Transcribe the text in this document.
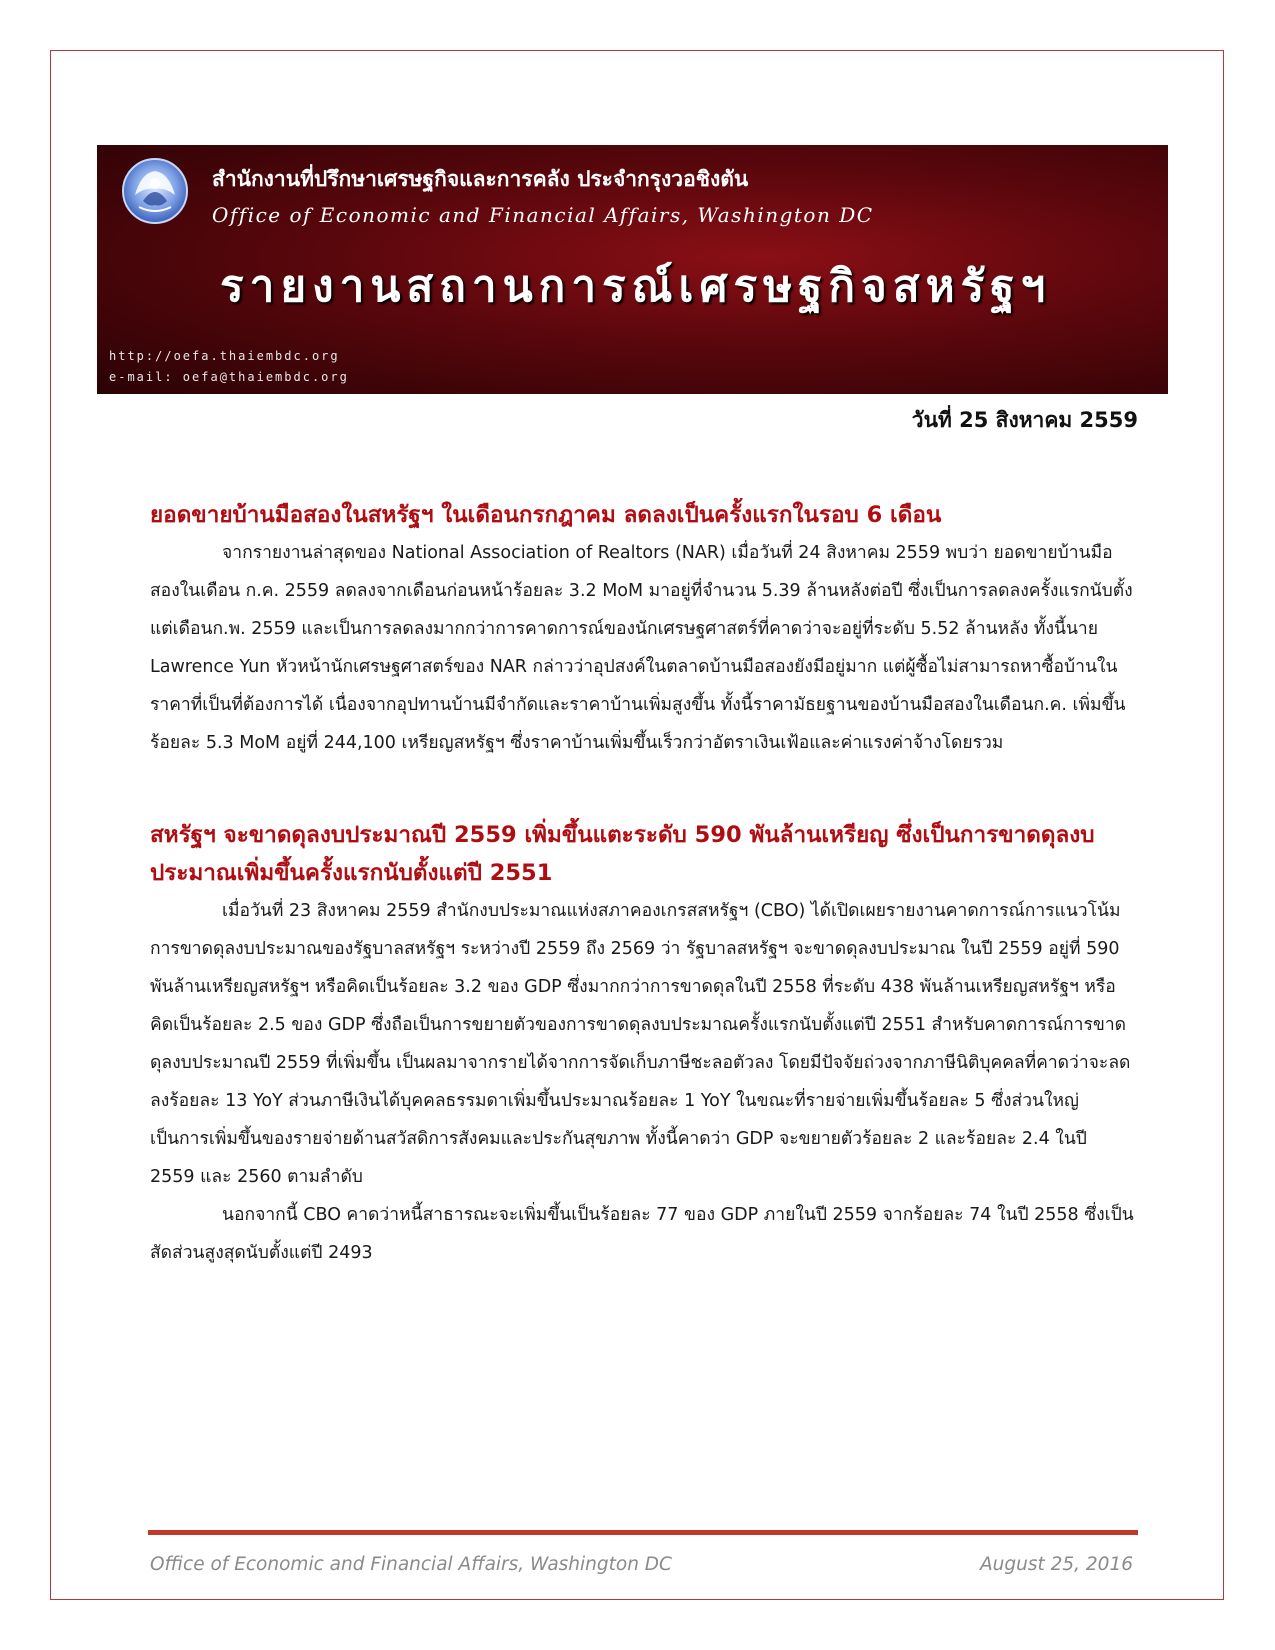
สำนักงานที่ปรึกษาเศรษฐกิจและการคลัง ประจำกรุงวอชิงตัน
Office of Economic and Financial Affairs, Washington DC
รายงานสถานการณ์เศรษฐกิจสหรัฐฯ
http://oefa.thaiembdc.org
e-mail: oefa@thaiembdc.org
วันที่ 25 สิงหาคม 2559
ยอดขายบ้านมือสองในสหรัฐฯ ในเดือนกรกฎาคม ลดลงเป็นครั้งแรกในรอบ 6 เดือน

จากรายงานล่าสุดของ National Association of Realtors (NAR) เมื่อวันที่ 24 สิงหาคม 2559 พบว่า ยอดขายบ้านมือสองในเดือน ก.ค. 2559 ลดลงจากเดือนก่อนหน้าร้อยละ 3.2 MoM มาอยู่ที่จำนวน 5.39 ล้านหลังต่อปี ซึ่งเป็นการลดลงครั้งแรกนับตั้งแต่เดือนก.พ. 2559 และเป็นการลดลงมากกว่าการคาดการณ์ของนักเศรษฐศาสตร์ที่คาดว่าจะอยู่ที่ระดับ 5.52 ล้านหลัง ทั้งนี้นาย Lawrence Yun หัวหน้านักเศรษฐศาสตร์ของ NAR กล่าวว่าอุปสงค์ในตลาดบ้านมือสองยังมีอยู่มาก แต่ผู้ซื้อไม่สามารถหาซื้อบ้านในราคาที่เป็นที่ต้องการได้ เนื่องจากอุปทานบ้านมีจำกัดและราคาบ้านเพิ่มสูงขึ้น ทั้งนี้ราคามัธยฐานของบ้านมือสองในเดือนก.ค. เพิ่มขึ้นร้อยละ 5.3 MoM อยู่ที่ 244,100 เหรียญสหรัฐฯ ซึ่งราคาบ้านเพิ่มขึ้นเร็วกว่าอัตราเงินเฟ้อและค่าแรงค่าจ้างโดยรวม

สหรัฐฯ จะขาดดุลงบประมาณปี 2559 เพิ่มขึ้นแตะระดับ 590 พันล้านเหรียญ ซึ่งเป็นการขาดดุลงบประมาณเพิ่มขึ้นครั้งแรกนับตั้งแต่ปี 2551

เมื่อวันที่ 23 สิงหาคม 2559 สำนักงบประมาณแห่งสภาคองเกรสสหรัฐฯ (CBO) ได้เปิดเผยรายงานคาดการณ์การแนวโน้มการขาดดุลงบประมาณของรัฐบาลสหรัฐฯ ระหว่างปี 2559 ถึง 2569 ว่า รัฐบาลสหรัฐฯ จะขาดดุลงบประมาณ ในปี 2559 อยู่ที่ 590 พันล้านเหรียญสหรัฐฯ หรือคิดเป็นร้อยละ 3.2 ของ GDP ซึ่งมากกว่าการขาดดุลในปี 2558 ที่ระดับ 438 พันล้านเหรียญสหรัฐฯ หรือคิดเป็นร้อยละ 2.5 ของ GDP ซึ่งถือเป็นการขยายตัวของการขาดดุลงบประมาณครั้งแรกนับตั้งแต่ปี 2551 สำหรับคาดการณ์การขาดดุลงบประมาณปี 2559 ที่เพิ่มขึ้น เป็นผลมาจากรายได้จากการจัดเก็บภาษีชะลอตัวลง โดยมีปัจจัยถ่วงจากภาษีนิติบุคคลที่คาดว่าจะลดลงร้อยละ 13 YoY ส่วนภาษีเงินได้บุคคลธรรมดาเพิ่มขึ้นประมาณร้อยละ 1 YoY ในขณะที่รายจ่ายเพิ่มขึ้นร้อยละ 5 ซึ่งส่วนใหญ่เป็นการเพิ่มขึ้นของรายจ่ายด้านสวัสดิการสังคมและประกันสุขภาพ ทั้งนี้คาดว่า GDP จะขยายตัวร้อยละ 2 และร้อยละ 2.4 ในปี 2559 และ 2560 ตามลำดับ

นอกจากนี้ CBO คาดว่าหนี้สาธารณะจะเพิ่มขึ้นเป็นร้อยละ 77 ของ GDP ภายในปี 2559 จากร้อยละ 74 ในปี 2558 ซึ่งเป็นสัดส่วนสูงสุดนับตั้งแต่ปี 2493

Office of Economic and Financial Affairs, Washington DC	August 25, 2016
